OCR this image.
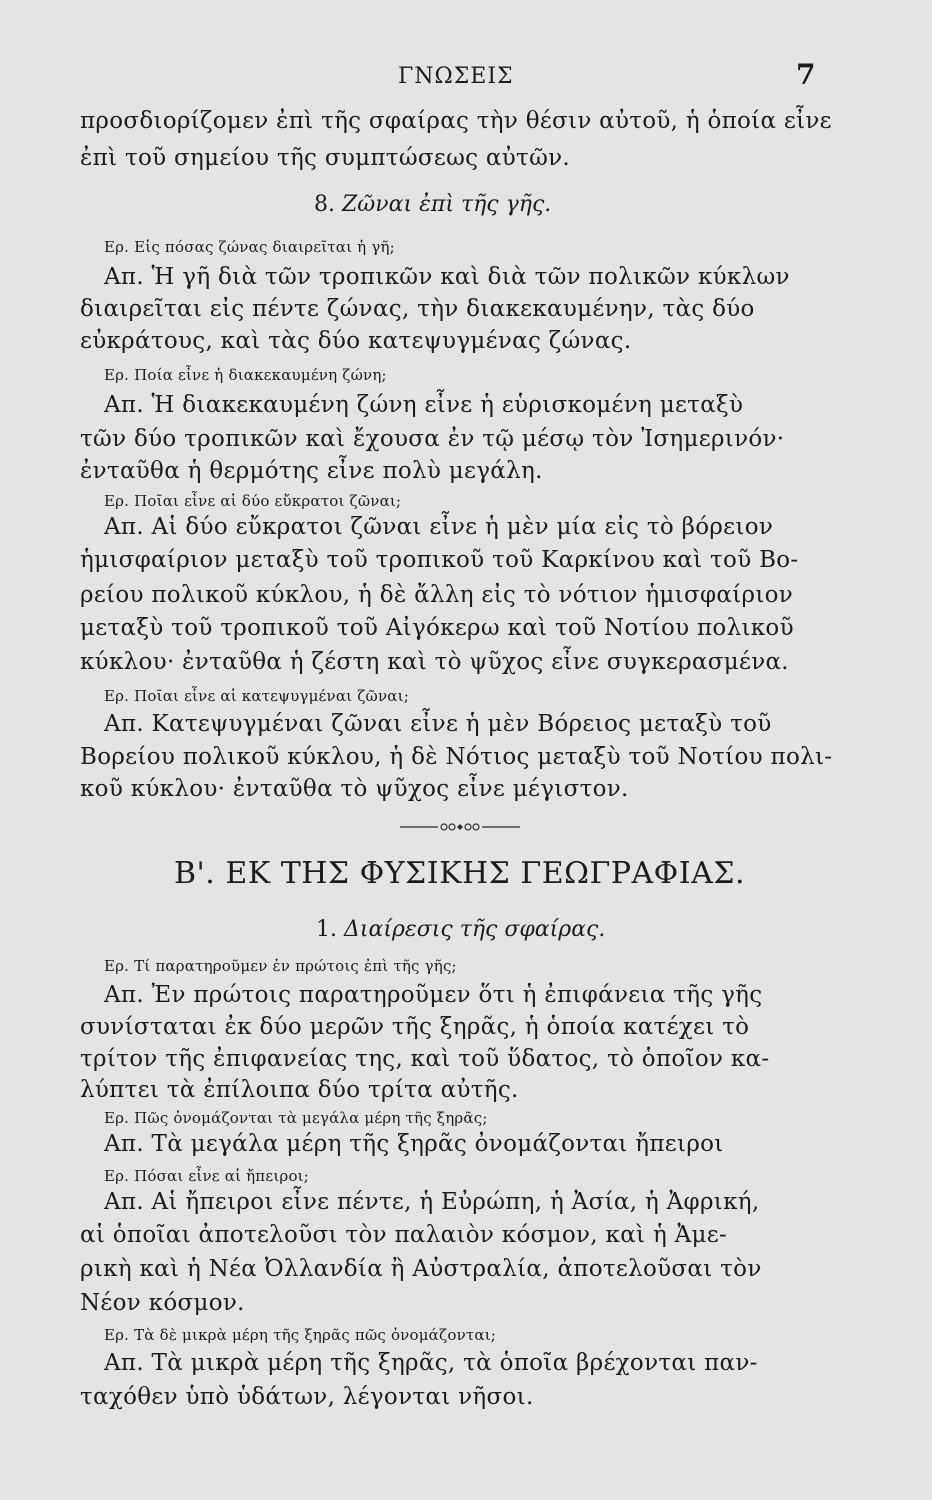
ΓΝΩΣΕΙΣ	7
προσδιορίζομεν ἐπὶ τῆς σφαίρας τὴν θέσιν αὐτοῦ, ἡ ὁποία εἶνε
ἐπὶ τοῦ σημείου τῆς συμπτώσεως αὐτῶν.
8. Ζῶναι ἐπὶ τῆς γῆς.
Ερ. Εἰς πόσας ζώνας διαιρεῖται ἡ γῆ;
Απ. Ἡ γῆ διὰ τῶν τροπικῶν καὶ διὰ τῶν πολικῶν κύκλων
διαιρεῖται εἰς πέντε ζώνας, τὴν διακεκαυμένην, τὰς δύο
εὐκράτους, καὶ τὰς δύο κατεψυγμένας ζώνας.
Ερ. Ποία εἶνε ἡ διακεκαυμένη ζώνη;
Απ. Ἡ διακεκαυμένη ζώνη εἶνε ἡ εὑρισκομένη μεταξὺ
τῶν δύο τροπικῶν καὶ ἔχουσα ἐν τῷ μέσῳ τὸν Ἰσημερινόν·
ἐνταῦθα ἡ θερμότης εἶνε πολὺ μεγάλη.
Ερ. Ποῖαι εἶνε αἱ δύο εὔκρατοι ζῶναι;
Απ. Αἱ δύο εὔκρατοι ζῶναι εἶνε ἡ μὲν μία εἰς τὸ βόρειον
ἡμισφαίριον μεταξὺ τοῦ τροπικοῦ τοῦ Καρκίνου καὶ τοῦ Βο-
ρείου πολικοῦ κύκλου, ἡ δὲ ἄλλη εἰς τὸ νότιον ἡμισφαίριον
μεταξὺ τοῦ τροπικοῦ τοῦ Αἰγόκερω καὶ τοῦ Νοτίου πολικοῦ
κύκλου· ἐνταῦθα ἡ ζέστη καὶ τὸ ψῦχος εἶνε συγκερασμένα.
Ερ. Ποῖαι εἶνε αἱ κατεψυγμέναι ζῶναι;
Απ. Κατεψυγμέναι ζῶναι εἶνε ἡ μὲν Βόρειος μεταξὺ τοῦ
Βορείου πολικοῦ κύκλου, ἡ δὲ Νότιος μεταξὺ τοῦ Νοτίου πολι-
κοῦ κύκλου· ἐνταῦθα τὸ ψῦχος εἶνε μέγιστον.
Β'. ΕΚ ΤΗΣ ΦΥΣΙΚΗΣ ΓΕΩΓΡΑΦΙΑΣ.
1. Διαίρεσις τῆς σφαίρας.
Ερ. Τί παρατηροῦμεν ἐν πρώτοις ἐπὶ τῆς γῆς;
Απ. Ἐν πρώτοις παρατηροῦμεν ὅτι ἡ ἐπιφάνεια τῆς γῆς
συνίσταται ἐκ δύο μερῶν τῆς ξηρᾶς, ἡ ὁποία κατέχει τὸ
τρίτον τῆς ἐπιφανείας της, καὶ τοῦ ὕδατος, τὸ ὁποῖον κα-
λύπτει τὰ ἐπίλοιπα δύο τρίτα αὐτῆς.
Ερ. Πῶς ὀνομάζονται τὰ μεγάλα μέρη τῆς ξηρᾶς;
Απ. Τὰ μεγάλα μέρη τῆς ξηρᾶς ὀνομάζονται ἤπειροι
Ερ. Πόσαι εἶνε αἱ ἤπειροι;
Απ. Αἱ ἤπειροι εἶνε πέντε, ἡ Εὐρώπη, ἡ Ἀσία, ἡ Ἀφρική,
αἱ ὁποῖαι ἀποτελοῦσι τὸν παλαιὸν κόσμον, καὶ ἡ Ἀμε-
ρικὴ καὶ ἡ Νέα Ὀλλανδία ἢ Αὐστραλία, ἀποτελοῦσαι τὸν
Νέον κόσμον.
Ερ. Τὰ δὲ μικρὰ μέρη τῆς ξηρᾶς πῶς ὀνομάζονται;
Απ. Τὰ μικρὰ μέρη τῆς ξηρᾶς, τὰ ὁποῖα βρέχονται παν-
ταχόθεν ὑπὸ ὑδάτων, λέγονται νῆσοι.
